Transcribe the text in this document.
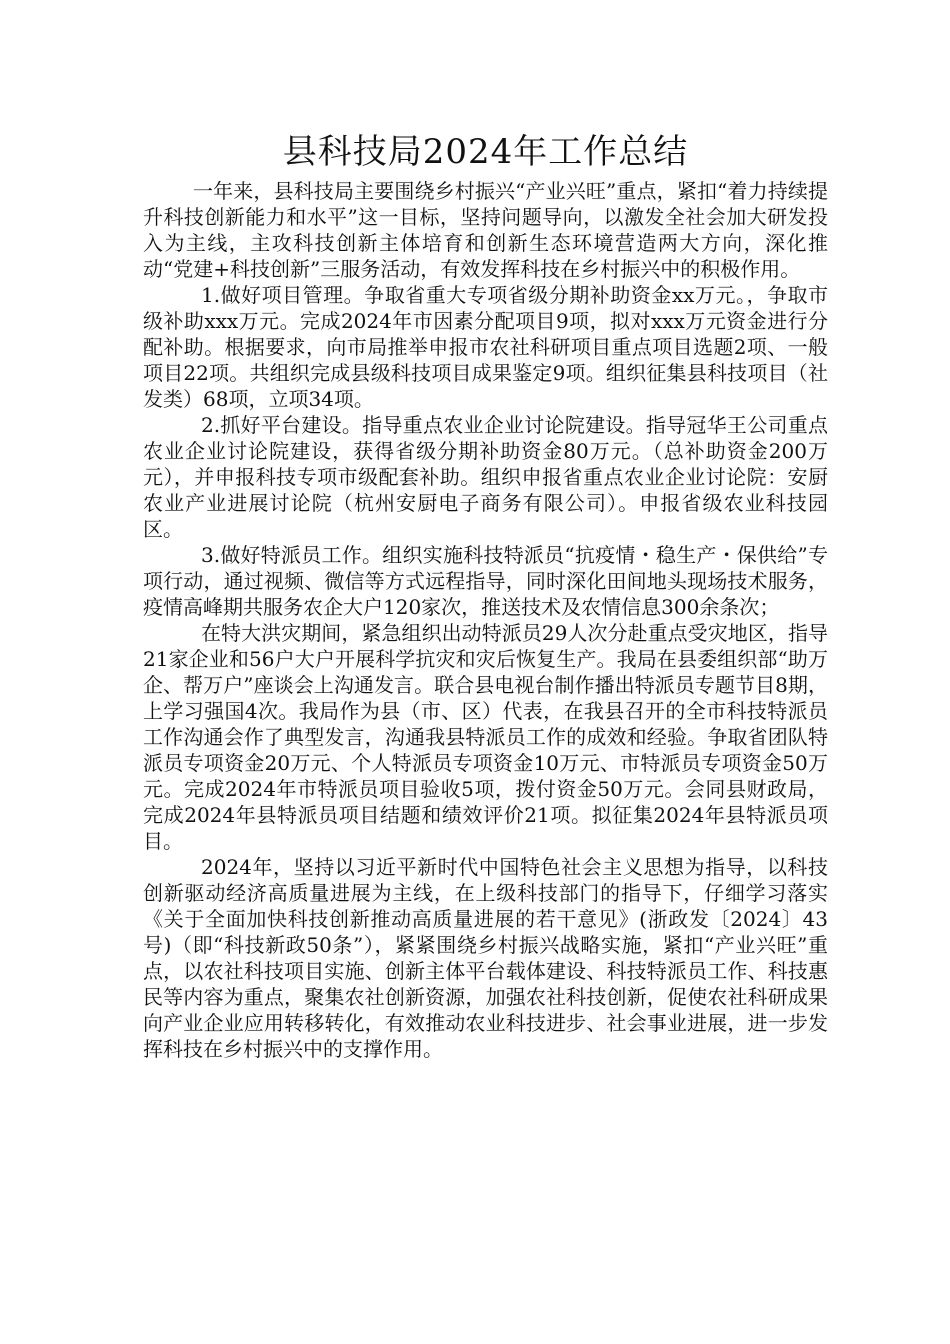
县科技局2024年工作总结

一年来，县科技局主要围绕乡村振兴“产业兴旺”重点，紧扣“着力持续提升科技创新能力和水平”这一目标，坚持问题导向，以激发全社会加大研发投入为主线，主攻科技创新主体培育和创新生态环境营造两大方向，深化推动“党建+科技创新”三服务活动，有效发挥科技在乡村振兴中的积极作用。

1.做好项目管理。争取省重大专项省级分期补助资金xx万元。，争取市级补助xxx万元。完成2024年市因素分配项目9项，拟对xxx万元资金进行分配补助。根据要求，向市局推举申报市农社科研项目重点项目选题2项、一般项目22项。共组织完成县级科技项目成果鉴定9项。组织征集县科技项目（社发类）68项，立项34项。

2.抓好平台建设。指导重点农业企业讨论院建设。指导冠华王公司重点农业企业讨论院建设，获得省级分期补助资金80万元。（总补助资金200万元），并申报科技专项市级配套补助。组织申报省重点农业企业讨论院：安厨农业产业进展讨论院（杭州安厨电子商务有限公司）。申报省级农业科技园区。

3.做好特派员工作。组织实施科技特派员“抗疫情・稳生产・保供给”专项行动，通过视频、微信等方式远程指导，同时深化田间地头现场技术服务，疫情高峰期共服务农企大户120家次，推送技术及农情信息300余条次；

在特大洪灾期间，紧急组织出动特派员29人次分赴重点受灾地区，指导21家企业和56户大户开展科学抗灾和灾后恢复生产。我局在县委组织部“助万企、帮万户”座谈会上沟通发言。联合县电视台制作播出特派员专题节目8期，上学习强国4次。我局作为县（市、区）代表，在我县召开的全市科技特派员工作沟通会作了典型发言，沟通我县特派员工作的成效和经验。争取省团队特派员专项资金20万元、个人特派员专项资金10万元、市特派员专项资金50万元。完成2024年市特派员项目验收5项，拨付资金50万元。会同县财政局，完成2024年县特派员项目结题和绩效评价21项。拟征集2024年县特派员项目。

2024年，坚持以习近平新时代中国特色社会主义思想为指导，以科技创新驱动经济高质量进展为主线，在上级科技部门的指导下，仔细学习落实《关于全面加快科技创新推动高质量进展的若干意见》(浙政发〔2024〕43号)（即“科技新政50条”），紧紧围绕乡村振兴战略实施，紧扣“产业兴旺”重点，以农社科技项目实施、创新主体平台载体建设、科技特派员工作、科技惠民等内容为重点，聚集农社创新资源，加强农社科技创新，促使农社科研成果向产业企业应用转移转化，有效推动农业科技进步、社会事业进展，进一步发挥科技在乡村振兴中的支撑作用。
